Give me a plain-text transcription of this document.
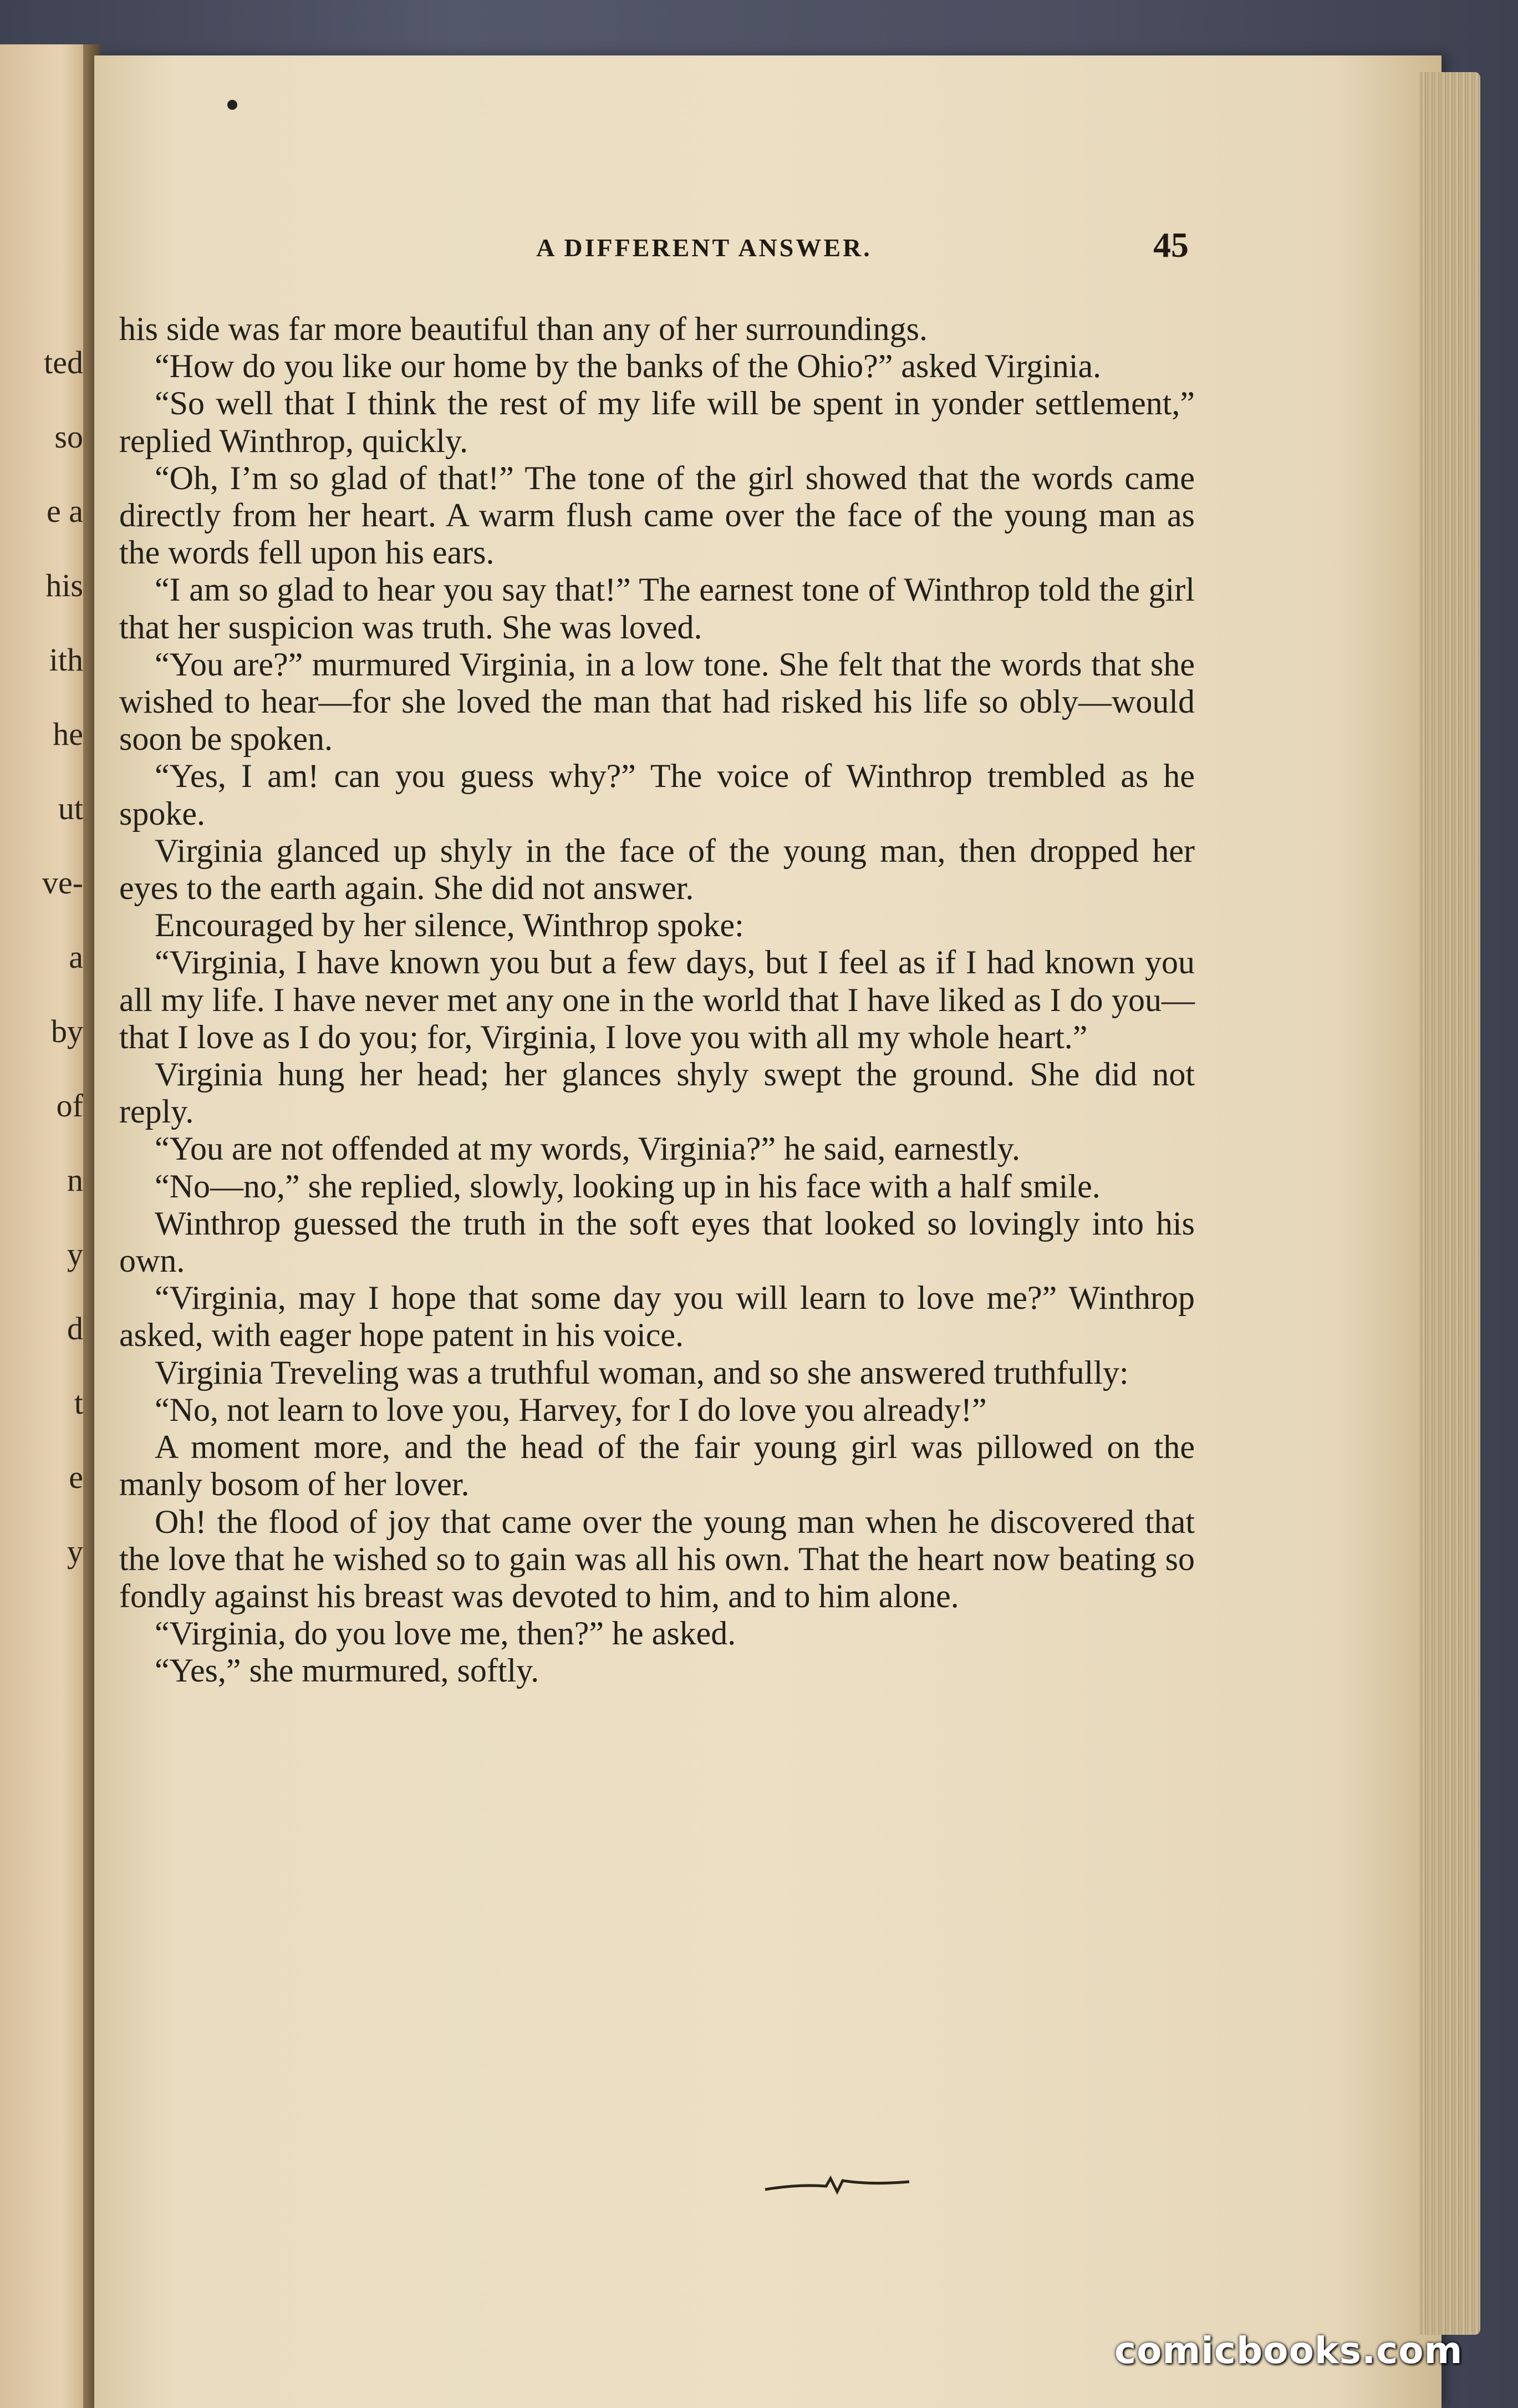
ted
so
e a
his
ith
he
ut
ve-
a
by
of
n
y
d
t
e
y
A DIFFERENT ANSWER.	45

his side was far more beautiful than any of her surroundings.

“How do you like our home by the banks of the Ohio?” asked Virginia.

“So well that I think the rest of my life will be spent in yonder settlement,” replied Winthrop, quickly.

“Oh, I’m so glad of that!” The tone of the girl showed that the words came directly from her heart. A warm flush came over the face of the young man as the words fell upon his ears.

“I am so glad to hear you say that!” The earnest tone of Winthrop told the girl that her suspicion was truth. She was loved.

“You are?” murmured Virginia, in a low tone. She felt that the words that she wished to hear—for she loved the man that had risked his life so obly—would soon be spoken.

“Yes, I am! can you guess why?” The voice of Winthrop trembled as he spoke.

Virginia glanced up shyly in the face of the young man, then dropped her eyes to the earth again. She did not answer.

Encouraged by her silence, Winthrop spoke:

“Virginia, I have known you but a few days, but I feel as if I had known you all my life. I have never met any one in the world that I have liked as I do you—that I love as I do you; for, Virginia, I love you with all my whole heart.”

Virginia hung her head; her glances shyly swept the ground. She did not reply.

“You are not offended at my words, Virginia?” he said, earnestly.

“No—no,” she replied, slowly, looking up in his face with a half smile.

Winthrop guessed the truth in the soft eyes that looked so lovingly into his own.

“Virginia, may I hope that some day you will learn to love me?” Winthrop asked, with eager hope patent in his voice.

Virginia Treveling was a truthful woman, and so she answered truthfully:

“No, not learn to love you, Harvey, for I do love you already!”

A moment more, and the head of the fair young girl was pillowed on the manly bosom of her lover.

Oh! the flood of joy that came over the young man when he discovered that the love that he wished so to gain was all his own. That the heart now beating so fondly against his breast was devoted to him, and to him alone.

“Virginia, do you love me, then?” he asked.

“Yes,” she murmured, softly.

comicbooks.com
